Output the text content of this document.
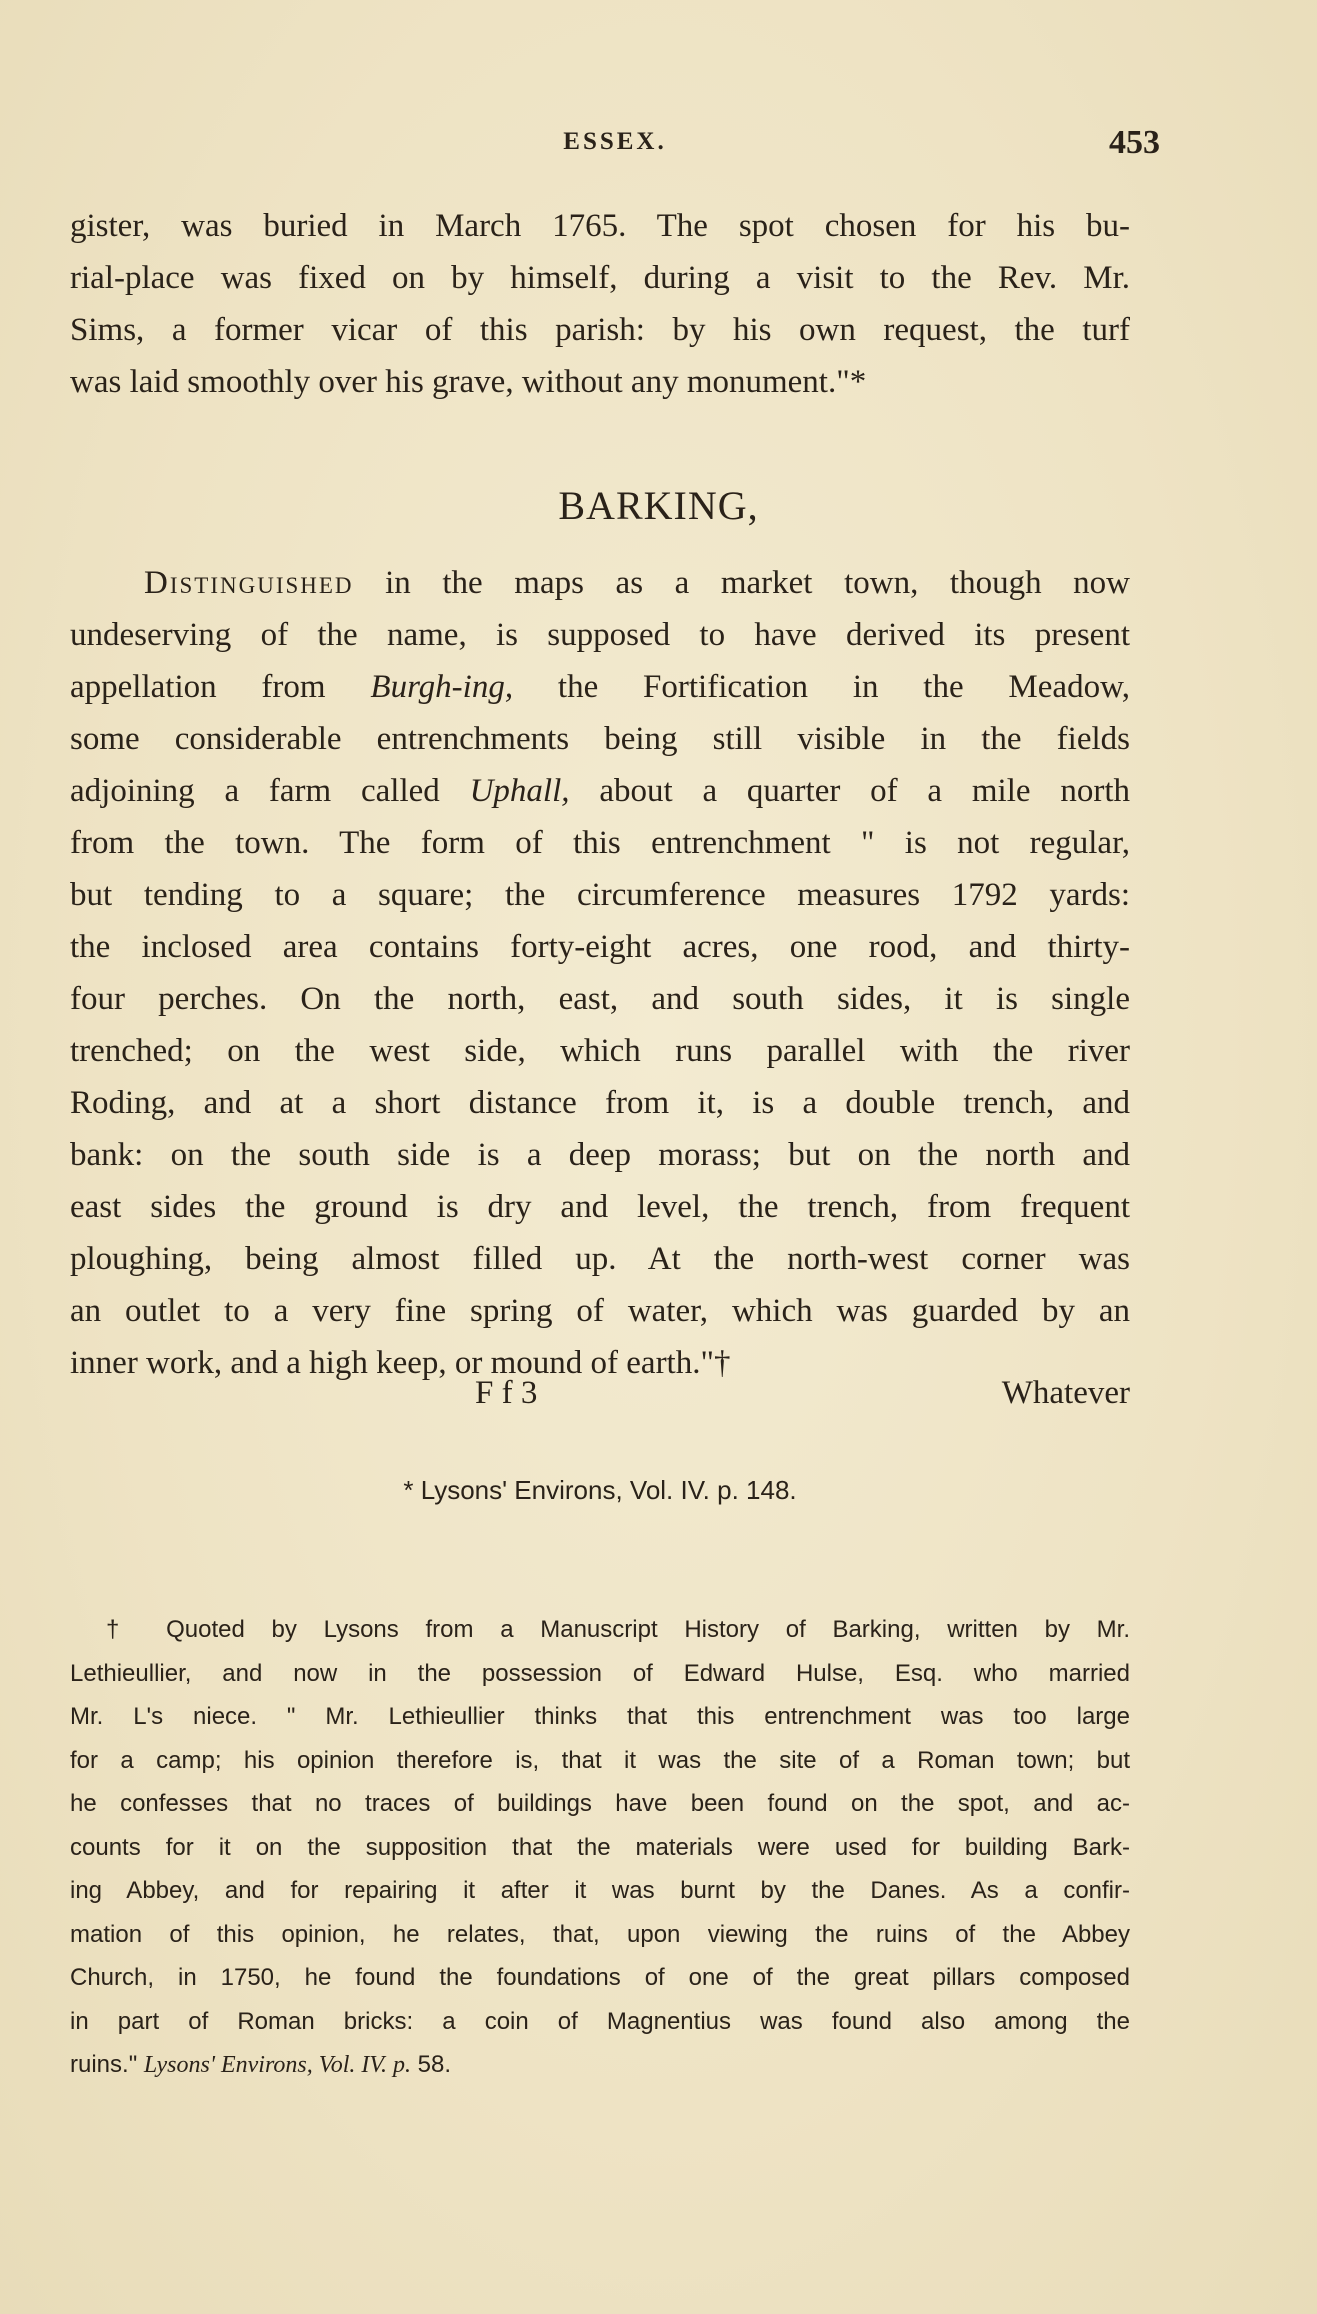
ESSEX.	453
gister, was buried in March 1765. The spot chosen for his bu-
rial-place was fixed on by himself, during a visit to the Rev. Mr.
Sims, a former vicar of this parish: by his own request, the turf
was laid smoothly over his grave, without any monument."*
BARKING,
Distinguished in the maps as a market town, though now
undeserving of the name, is supposed to have derived its present
appellation from Burgh-ing, the Fortification in the Meadow,
some considerable entrenchments being still visible in the fields
adjoining a farm called Uphall, about a quarter of a mile north
from the town. The form of this entrenchment " is not regular,
but tending to a square; the circumference measures 1792 yards:
the inclosed area contains forty-eight acres, one rood, and thirty-
four perches. On the north, east, and south sides, it is single
trenched; on the west side, which runs parallel with the river
Roding, and at a short distance from it, is a double trench, and
bank: on the south side is a deep morass; but on the north and
east sides the ground is dry and level, the trench, from frequent
ploughing, being almost filled up. At the north-west corner was
an outlet to a very fine spring of water, which was guarded by an
inner work, and a high keep, or mound of earth."†
F f 3	Whatever
* Lysons' Environs, Vol. IV. p. 148.
† Quoted by Lysons from a Manuscript History of Barking, written by Mr.
Lethieullier, and now in the possession of Edward Hulse, Esq. who married
Mr. L's niece. " Mr. Lethieullier thinks that this entrenchment was too large
for a camp; his opinion therefore is, that it was the site of a Roman town; but
he confesses that no traces of buildings have been found on the spot, and ac-
counts for it on the supposition that the materials were used for building Bark-
ing Abbey, and for repairing it after it was burnt by the Danes. As a confir-
mation of this opinion, he relates, that, upon viewing the ruins of the Abbey
Church, in 1750, he found the foundations of one of the great pillars composed
in part of Roman bricks: a coin of Magnentius was found also among the
ruins." Lysons' Environs, Vol. IV. p. 58.
